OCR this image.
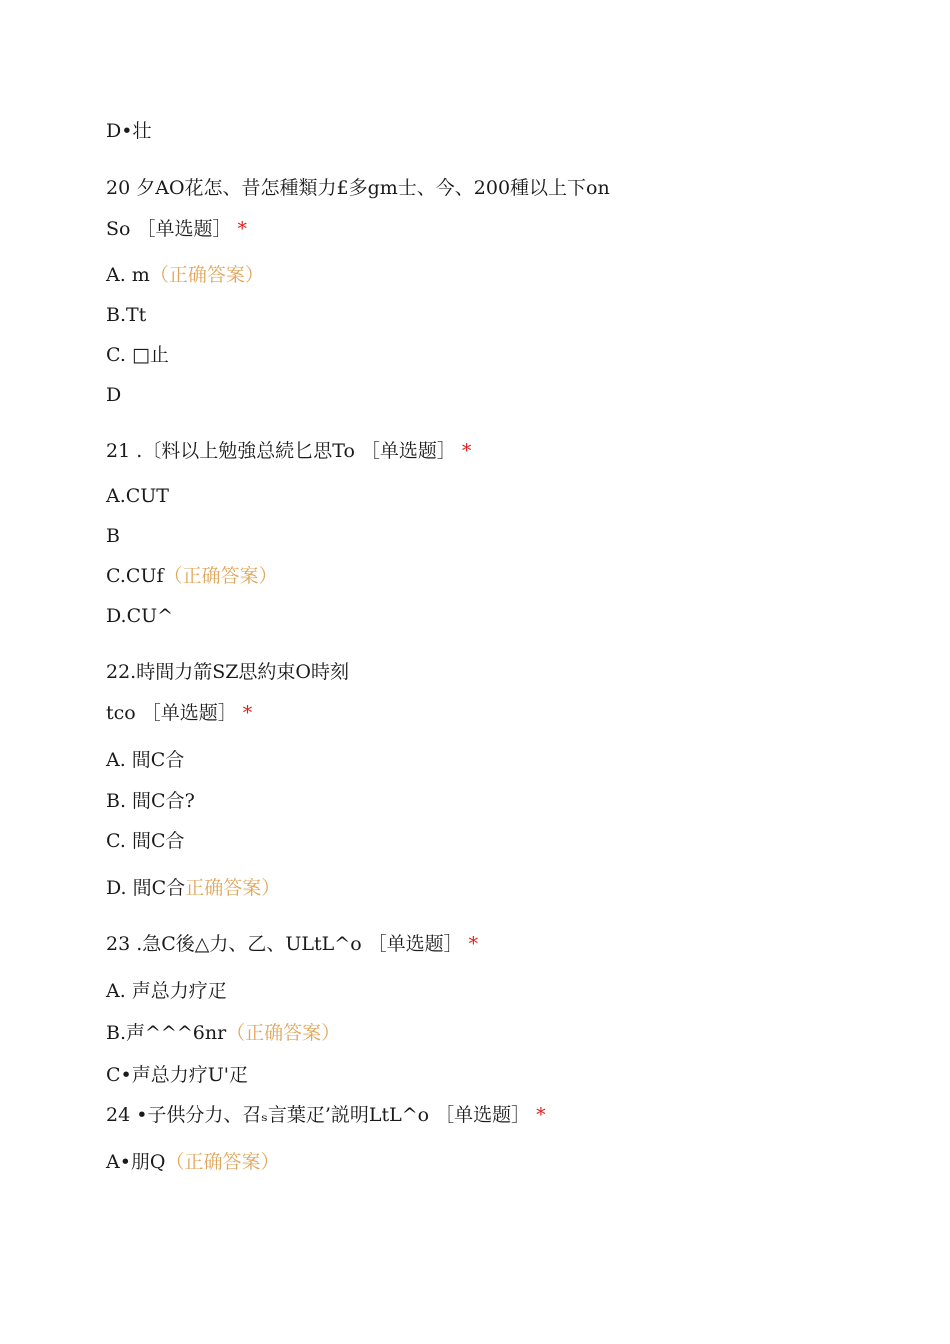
D•壮
20 夕AO花怎、昔怎種類力£多gm士、今、200種以上下on
So ［单选题］ *
A. m（正确答案）
B.Tt
C. □止
D
21 .〔料以上勉強总続匕思To ［单选题］ *
A.CUT
B
C.CUf（正确答案）
D.CU^
22.時間力箭SZ思約束O時刻
tco ［单选题］ *
A. 間C合
B. 間C合?
C. 間C合
D. 間C合正确答案）
23 .急C後△力、乙、ULtL^o ［单选题］ *
A. 声总力疗疋
B.声^^^6nr（正确答案）
C•声总力疗U'疋
24 •子供分力、召ₛ言葉疋’説明LtL^o ［单选题］ *
A•朋Q（正确答案）
